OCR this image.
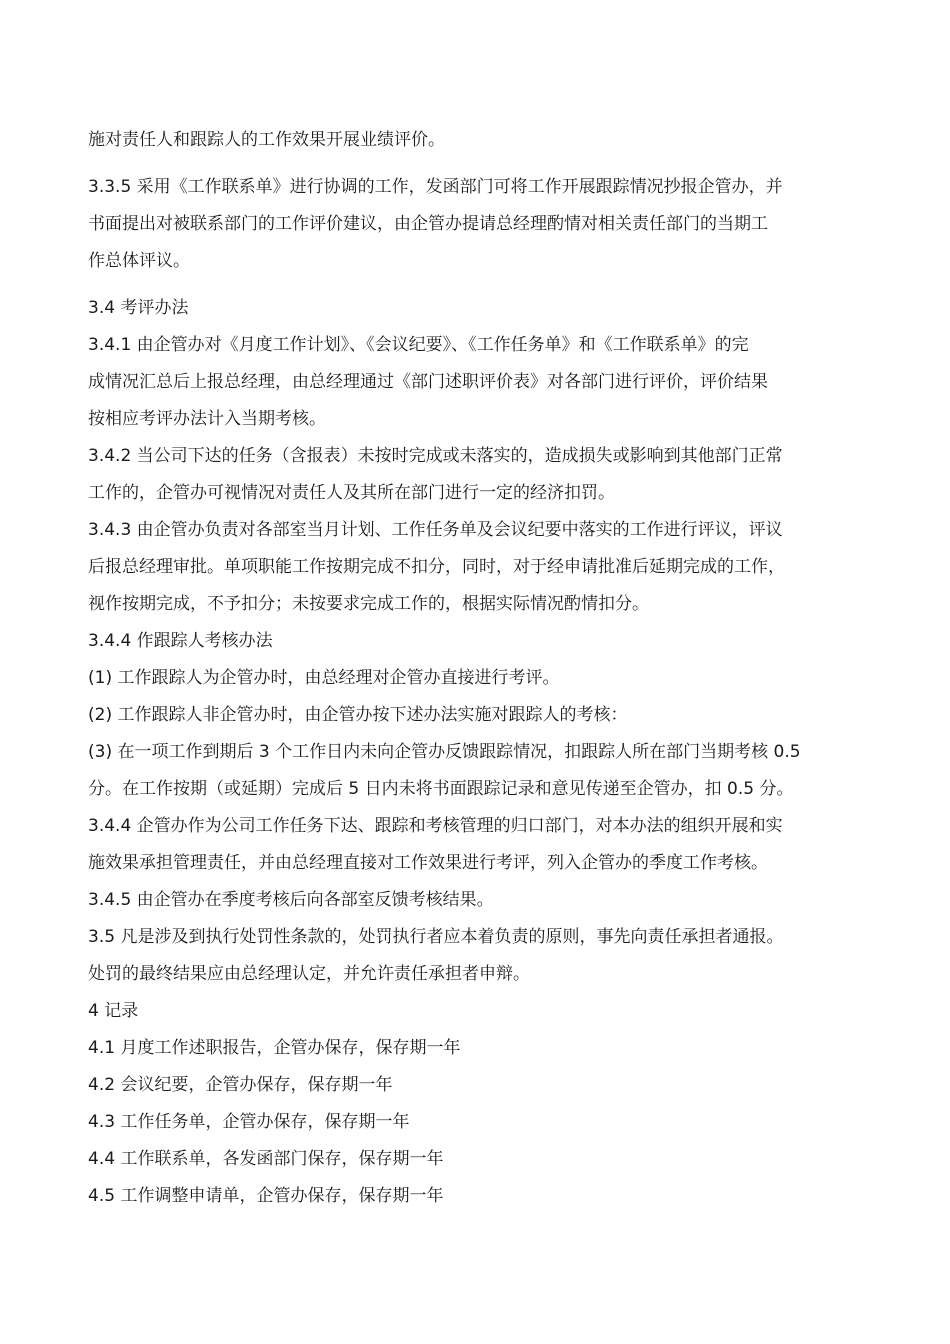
施对责任人和跟踪人的工作效果开展业绩评价。

3.3.5 采用《工作联系单》进行协调的工作，发函部门可将工作开展跟踪情况抄报企管办，并
书面提出对被联系部门的工作评价建议，由企管办提请总经理酌情对相关责任部门的当期工
作总体评议。

3.4 考评办法

3.4.1 由企管办对《月度工作计划》、《会议纪要》、《工作任务单》和《工作联系单》的完
成情况汇总后上报总经理，由总经理通过《部门述职评价表》对各部门进行评价，评价结果
按相应考评办法计入当期考核。

3.4.2 当公司下达的任务（含报表）未按时完成或未落实的，造成损失或影响到其他部门正常
工作的，企管办可视情况对责任人及其所在部门进行一定的经济扣罚。

3.4.3 由企管办负责对各部室当月计划、工作任务单及会议纪要中落实的工作进行评议，评议
后报总经理审批。单项职能工作按期完成不扣分，同时，对于经申请批准后延期完成的工作，
视作按期完成，不予扣分；未按要求完成工作的，根据实际情况酌情扣分。

3.4.4 作跟踪人考核办法

(1) 工作跟踪人为企管办时，由总经理对企管办直接进行考评。

(2) 工作跟踪人非企管办时，由企管办按下述办法实施对跟踪人的考核：

(3) 在一项工作到期后 3 个工作日内未向企管办反馈跟踪情况，扣跟踪人所在部门当期考核 0.5
分。在工作按期（或延期）完成后 5 日内未将书面跟踪记录和意见传递至企管办，扣 0.5 分。

3.4.4 企管办作为公司工作任务下达、跟踪和考核管理的归口部门，对本办法的组织开展和实
施效果承担管理责任，并由总经理直接对工作效果进行考评，列入企管办的季度工作考核。

3.4.5 由企管办在季度考核后向各部室反馈考核结果。

3.5 凡是涉及到执行处罚性条款的，处罚执行者应本着负责的原则，事先向责任承担者通报。
处罚的最终结果应由总经理认定，并允许责任承担者申辩。

4 记录

4.1 月度工作述职报告，企管办保存，保存期一年

4.2 会议纪要，企管办保存，保存期一年

4.3 工作任务单，企管办保存，保存期一年

4.4 工作联系单，各发函部门保存，保存期一年

4.5 工作调整申请单，企管办保存，保存期一年
